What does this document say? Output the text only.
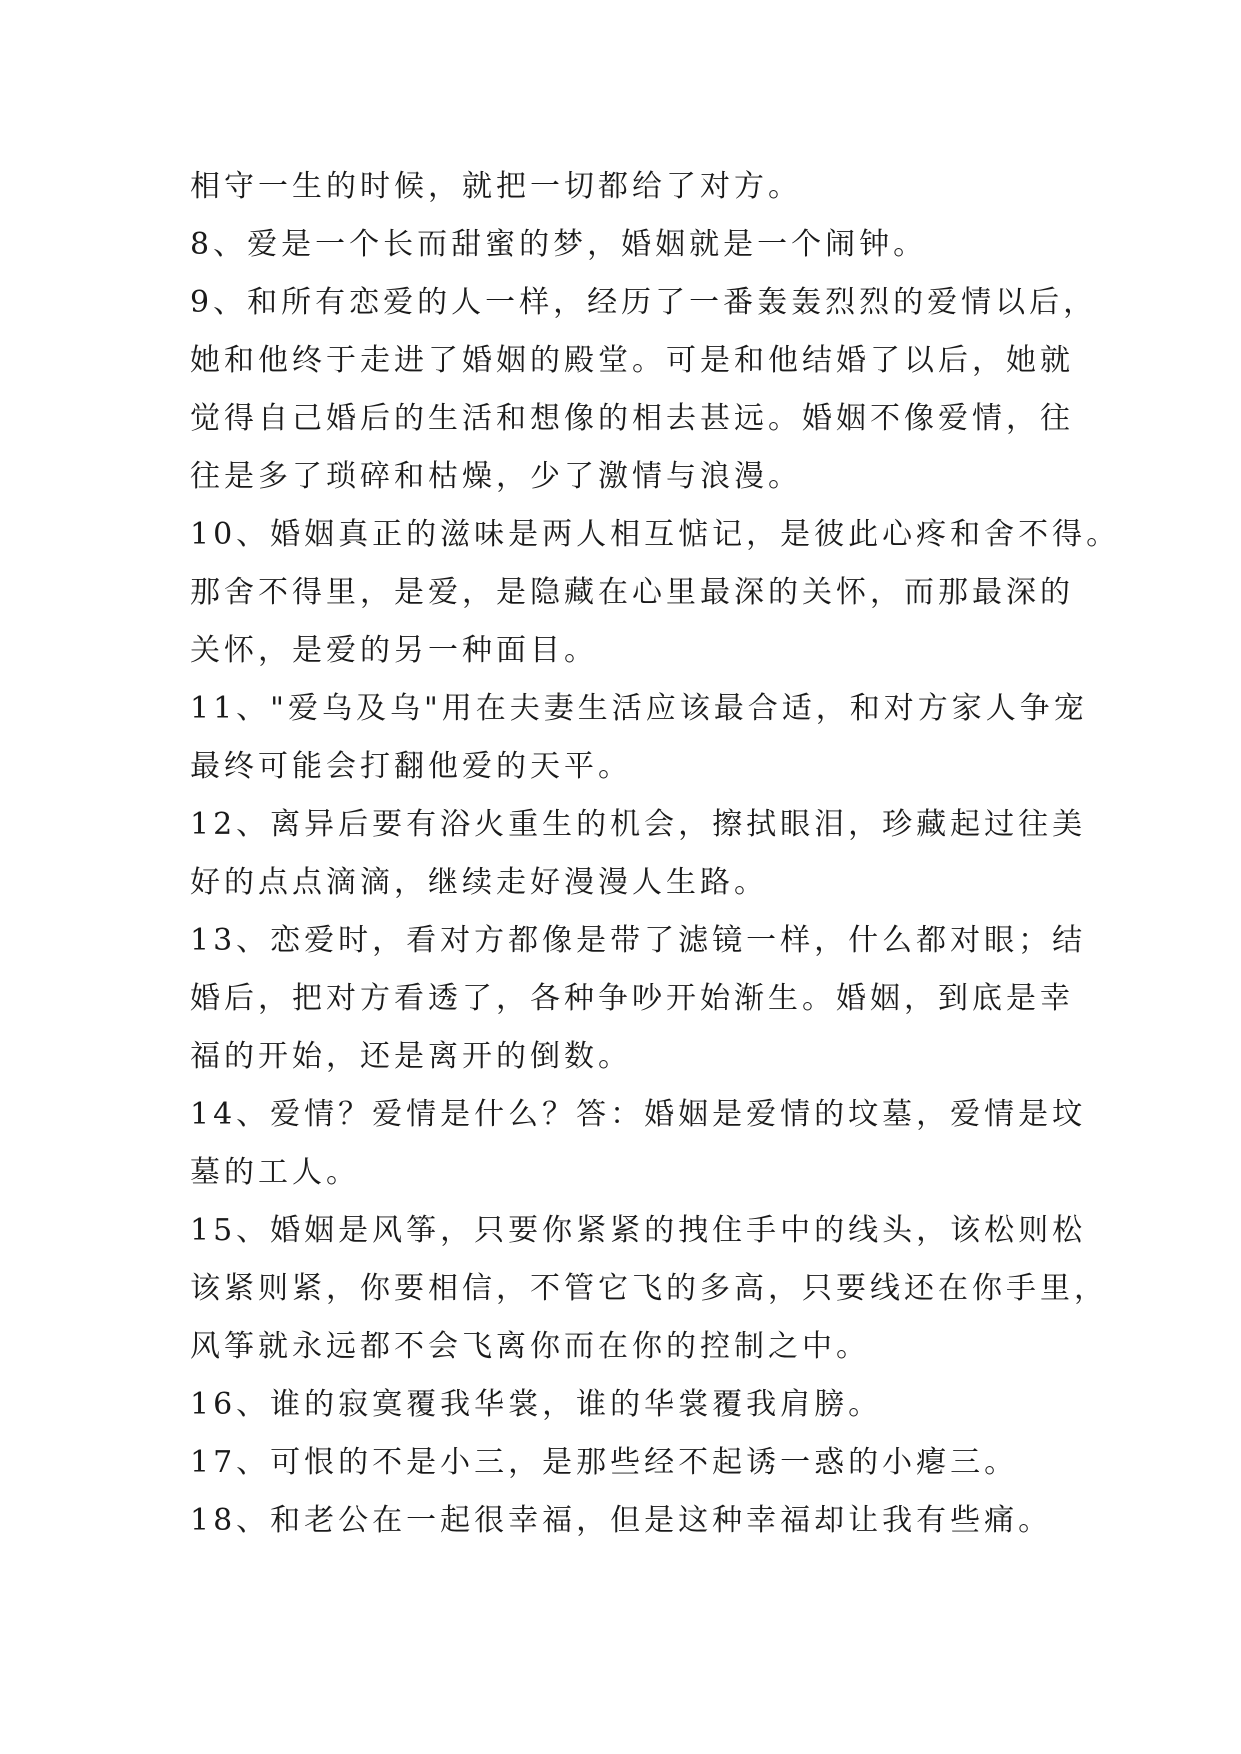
相守一生的时候，就把一切都给了对方。
8、爱是一个长而甜蜜的梦，婚姻就是一个闹钟。
9、和所有恋爱的人一样，经历了一番轰轰烈烈的爱情以后，
她和他终于走进了婚姻的殿堂。可是和他结婚了以后，她就
觉得自己婚后的生活和想像的相去甚远。婚姻不像爱情，往
往是多了琐碎和枯燥，少了激情与浪漫。
10、婚姻真正的滋味是两人相互惦记，是彼此心疼和舍不得。
那舍不得里，是爱，是隐藏在心里最深的关怀，而那最深的
关怀，是爱的另一种面目。
11、"爱乌及乌"用在夫妻生活应该最合适，和对方家人争宠
最终可能会打翻他爱的天平。
12、离异后要有浴火重生的机会，擦拭眼泪，珍藏起过往美
好的点点滴滴，继续走好漫漫人生路。
13、恋爱时，看对方都像是带了滤镜一样，什么都对眼；结
婚后，把对方看透了，各种争吵开始渐生。婚姻，到底是幸
福的开始，还是离开的倒数。
14、爱情？爱情是什么？答：婚姻是爱情的坟墓，爱情是坟
墓的工人。
15、婚姻是风筝，只要你紧紧的拽住手中的线头，该松则松
该紧则紧，你要相信，不管它飞的多高，只要线还在你手里，
风筝就永远都不会飞离你而在你的控制之中。
16、谁的寂寞覆我华裳，谁的华裳覆我肩膀。
17、可恨的不是小三，是那些经不起诱一惑的小瘪三。
18、和老公在一起很幸福，但是这种幸福却让我有些痛。
